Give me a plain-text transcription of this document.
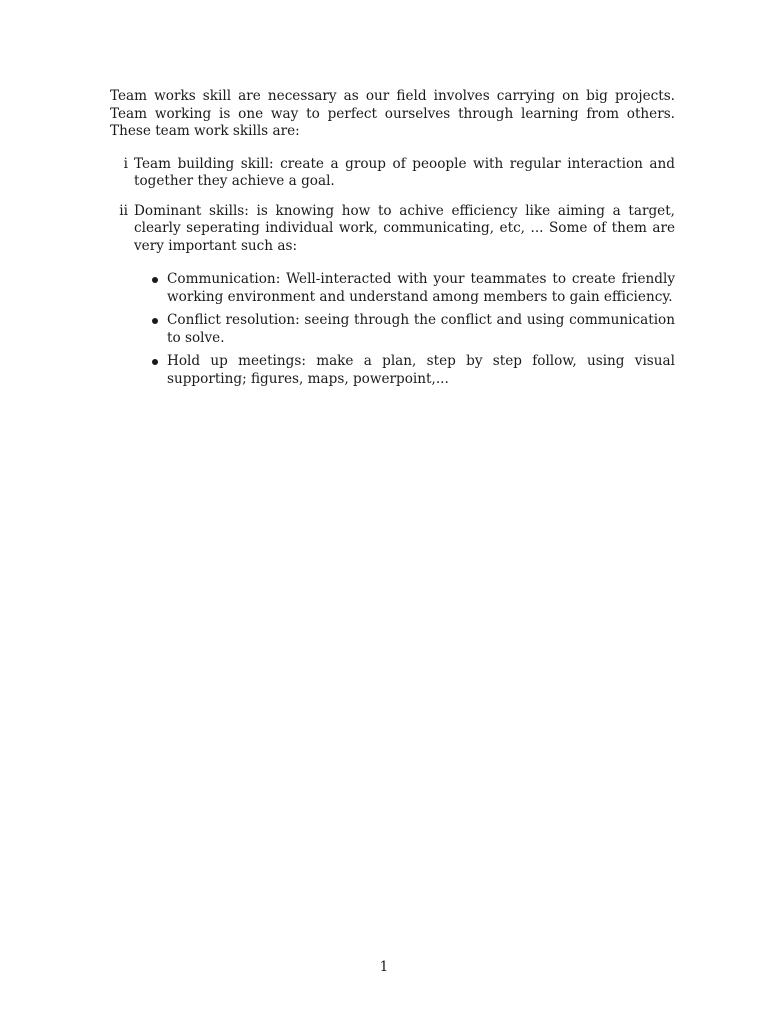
Team works skill are necessary as our field involves carrying on big projects. Team working is one way to perfect ourselves through learning from others. These team work skills are:

i Team building skill: create a group of peoople with regular interaction and together they achieve a goal.
ii Dominant skills: is knowing how to achive efficiency like aiming a target, clearly seperating individual work, communicating, etc, ... Some of them are very important such as:
Communication: Well-interacted with your teammates to create friendly working environment and understand among members to gain efficiency.
Conflict resolution: seeing through the conflict and using communication to solve.
Hold up meetings: make a plan, step by step follow, using visual supporting; figures, maps, powerpoint,...
1
